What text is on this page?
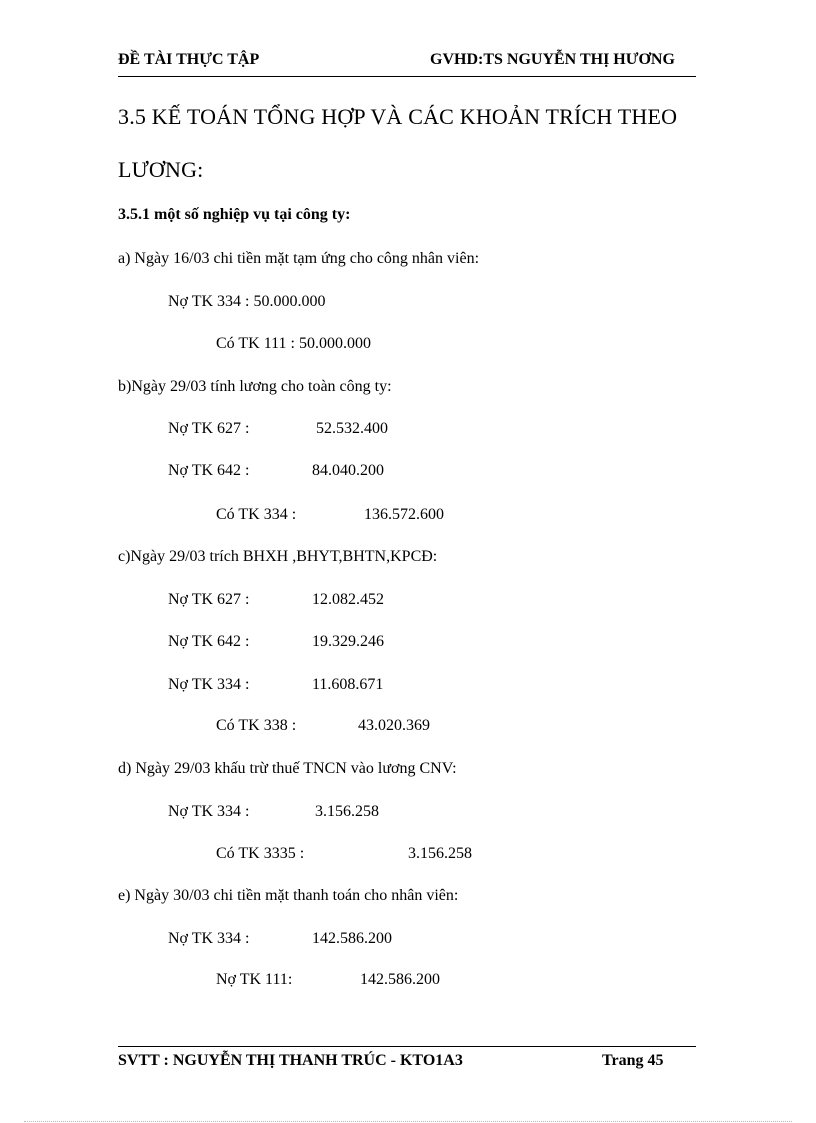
ĐỀ TÀI THỰC TẬP	GVHD:TS NGUYỄN THỊ HƯƠNG
3.5 KẾ TOÁN TỔNG HỢP VÀ CÁC KHOẢN TRÍCH THEO
LƯƠNG:
3.5.1 một số nghiệp vụ tại công ty:
a) Ngày 16/03 chi tiền mặt tạm ứng cho công nhân viên:
Nợ TK 334 : 50.000.000
Có TK 111 : 50.000.000
b)Ngày 29/03 tính lương cho toàn công ty:
Nợ TK 627 :	52.532.400
Nợ TK 642 :	84.040.200
Có TK 334 :	136.572.600
c)Ngày 29/03 trích BHXH ,BHYT,BHTN,KPCĐ:
Nợ TK 627 :	12.082.452
Nợ TK 642 :	19.329.246
Nợ TK 334 :	11.608.671
Có TK 338 :	43.020.369
d) Ngày 29/03 khấu trừ thuế TNCN vào lương CNV:
Nợ TK 334 :	3.156.258
Có TK 3335 :	3.156.258
e) Ngày 30/03 chi tiền mặt thanh toán cho nhân viên:
Nợ TK 334 :	142.586.200
Nợ TK 111:	142.586.200
SVTT : NGUYỄN THỊ THANH TRÚC - KTO1A3	Trang 45
